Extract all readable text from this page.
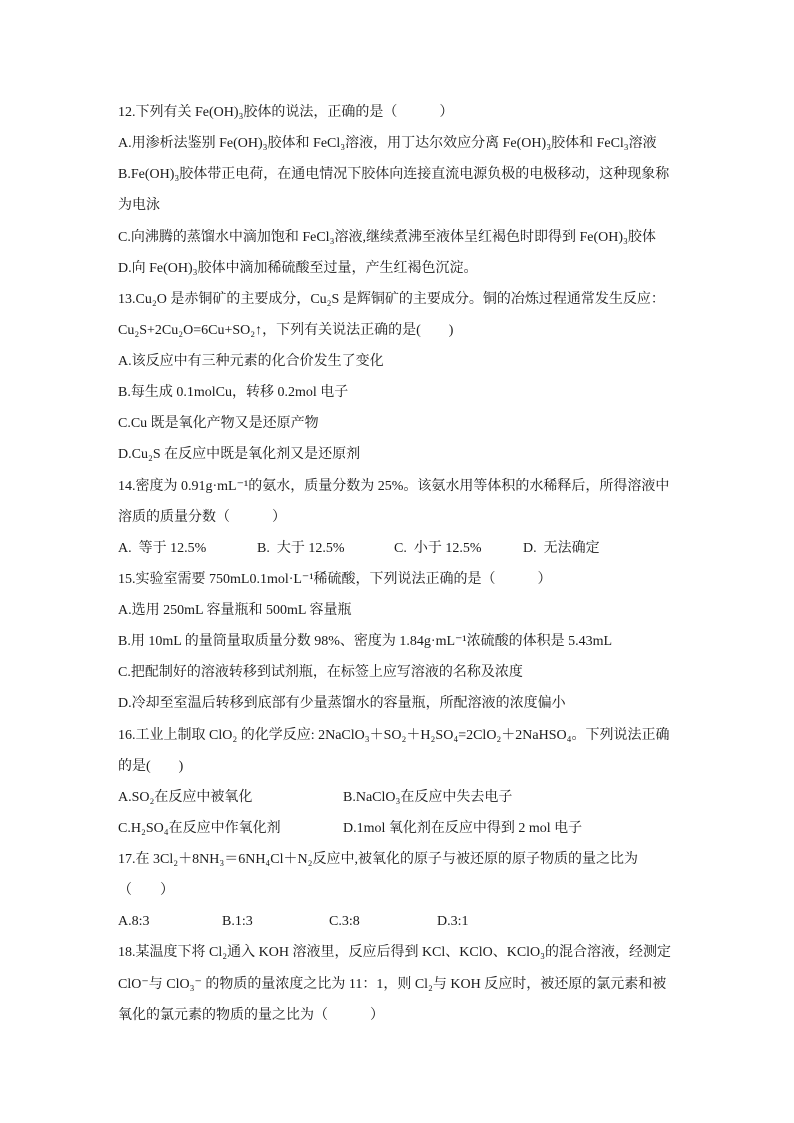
12.下列有关 Fe(OH)₃胶体的说法，正确的是（　　　）
A.用渗析法鉴别 Fe(OH)₃胶体和 FeCl₃溶液，用丁达尔效应分离 Fe(OH)₃胶体和 FeCl₃溶液
B.Fe(OH)₃胶体带正电荷，在通电情况下胶体向连接直流电源负极的电极移动，这种现象称
为电泳
C.向沸腾的蒸馏水中滴加饱和 FeCl₃溶液,继续煮沸至液体呈红褐色时即得到 Fe(OH)₃胶体
D.向 Fe(OH)₃胶体中滴加稀硫酸至过量，产生红褐色沉淀。
13.Cu₂O 是赤铜矿的主要成分，Cu₂S 是辉铜矿的主要成分。铜的冶炼过程通常发生反应：
Cu₂S+2Cu₂O=6Cu+SO₂↑，下列有关说法正确的是(　　)
A.该反应中有三种元素的化合价发生了变化
B.每生成 0.1molCu，转移 0.2mol 电子
C.Cu 既是氧化产物又是还原产物
D.Cu₂S 在反应中既是氧化剂又是还原剂
14.密度为 0.91g·mL⁻¹的氨水，质量分数为 25%。该氨水用等体积的水稀释后，所得溶液中
溶质的质量分数（　　　）

A.  等于 12.5%

	B.  大于 12.5%

	C.  小于 12.5%

	D.  无法确定

15.实验室需要 750mL0.1mol·L⁻¹稀硫酸，下列说法正确的是（　　　）
A.选用 250mL 容量瓶和 500mL 容量瓶
B.用 10mL 的量筒量取质量分数 98%、密度为 1.84g·mL⁻¹浓硫酸的体积是 5.43mL
C.把配制好的溶液转移到试剂瓶，在标签上应写溶液的名称及浓度
D.冷却至室温后转移到底部有少量蒸馏水的容量瓶，所配溶液的浓度偏小
16.工业上制取 ClO₂ 的化学反应: 2NaClO₃＋SO₂＋H₂SO₄=2ClO₂＋2NaHSO₄。下列说法正确
的是(　　)

A.SO₂在反应中被氧化

	B.NaClO₃在反应中失去电子

C.H₂SO₄在反应中作氧化剂

	D.1mol 氧化剂在反应中得到 2 mol 电子

17.在 3Cl₂＋8NH₃＝6NH₄Cl＋N₂反应中,被氧化的原子与被还原的原子物质的量之比为
（　　）

A.8:3

	B.1:3

	C.3:8

	D.3:1

18.某温度下将 Cl₂通入 KOH 溶液里，反应后得到 KCl、KClO、KClO₃的混合溶液，经测定
ClO⁻与 ClO₃⁻ 的物质的量浓度之比为 11：1，则 Cl₂与 KOH 反应时，被还原的氯元素和被
氧化的氯元素的物质的量之比为（　　　）
